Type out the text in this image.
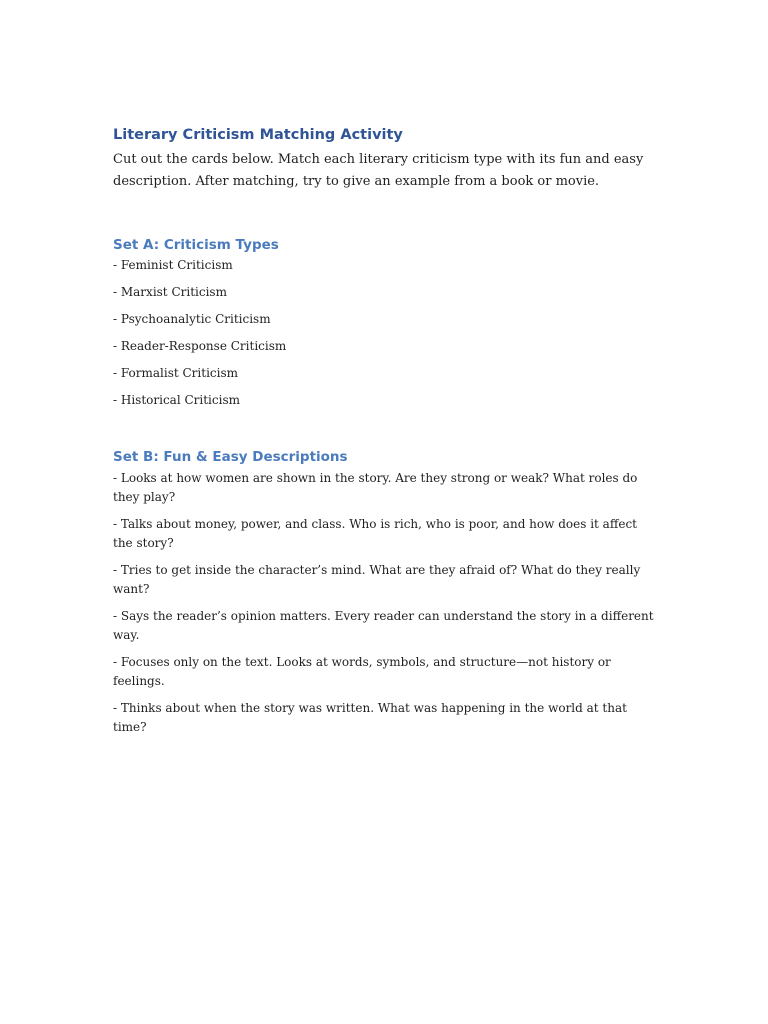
Literary Criticism Matching Activity

Cut out the cards below. Match each literary criticism type with its fun and easy description. After matching, try to give an example from a book or movie.

Set A: Criticism Types
- Feminist Criticism
- Marxist Criticism
- Psychoanalytic Criticism
- Reader-Response Criticism
- Formalist Criticism
- Historical Criticism
Set B: Fun & Easy Descriptions
- Looks at how women are shown in the story. Are they strong or weak? What roles do they play?
- Talks about money, power, and class. Who is rich, who is poor, and how does it affect the story?
- Tries to get inside the character’s mind. What are they afraid of? What do they really want?
- Says the reader’s opinion matters. Every reader can understand the story in a different way.
- Focuses only on the text. Looks at words, symbols, and structure—not history or feelings.
- Thinks about when the story was written. What was happening in the world at that time?
